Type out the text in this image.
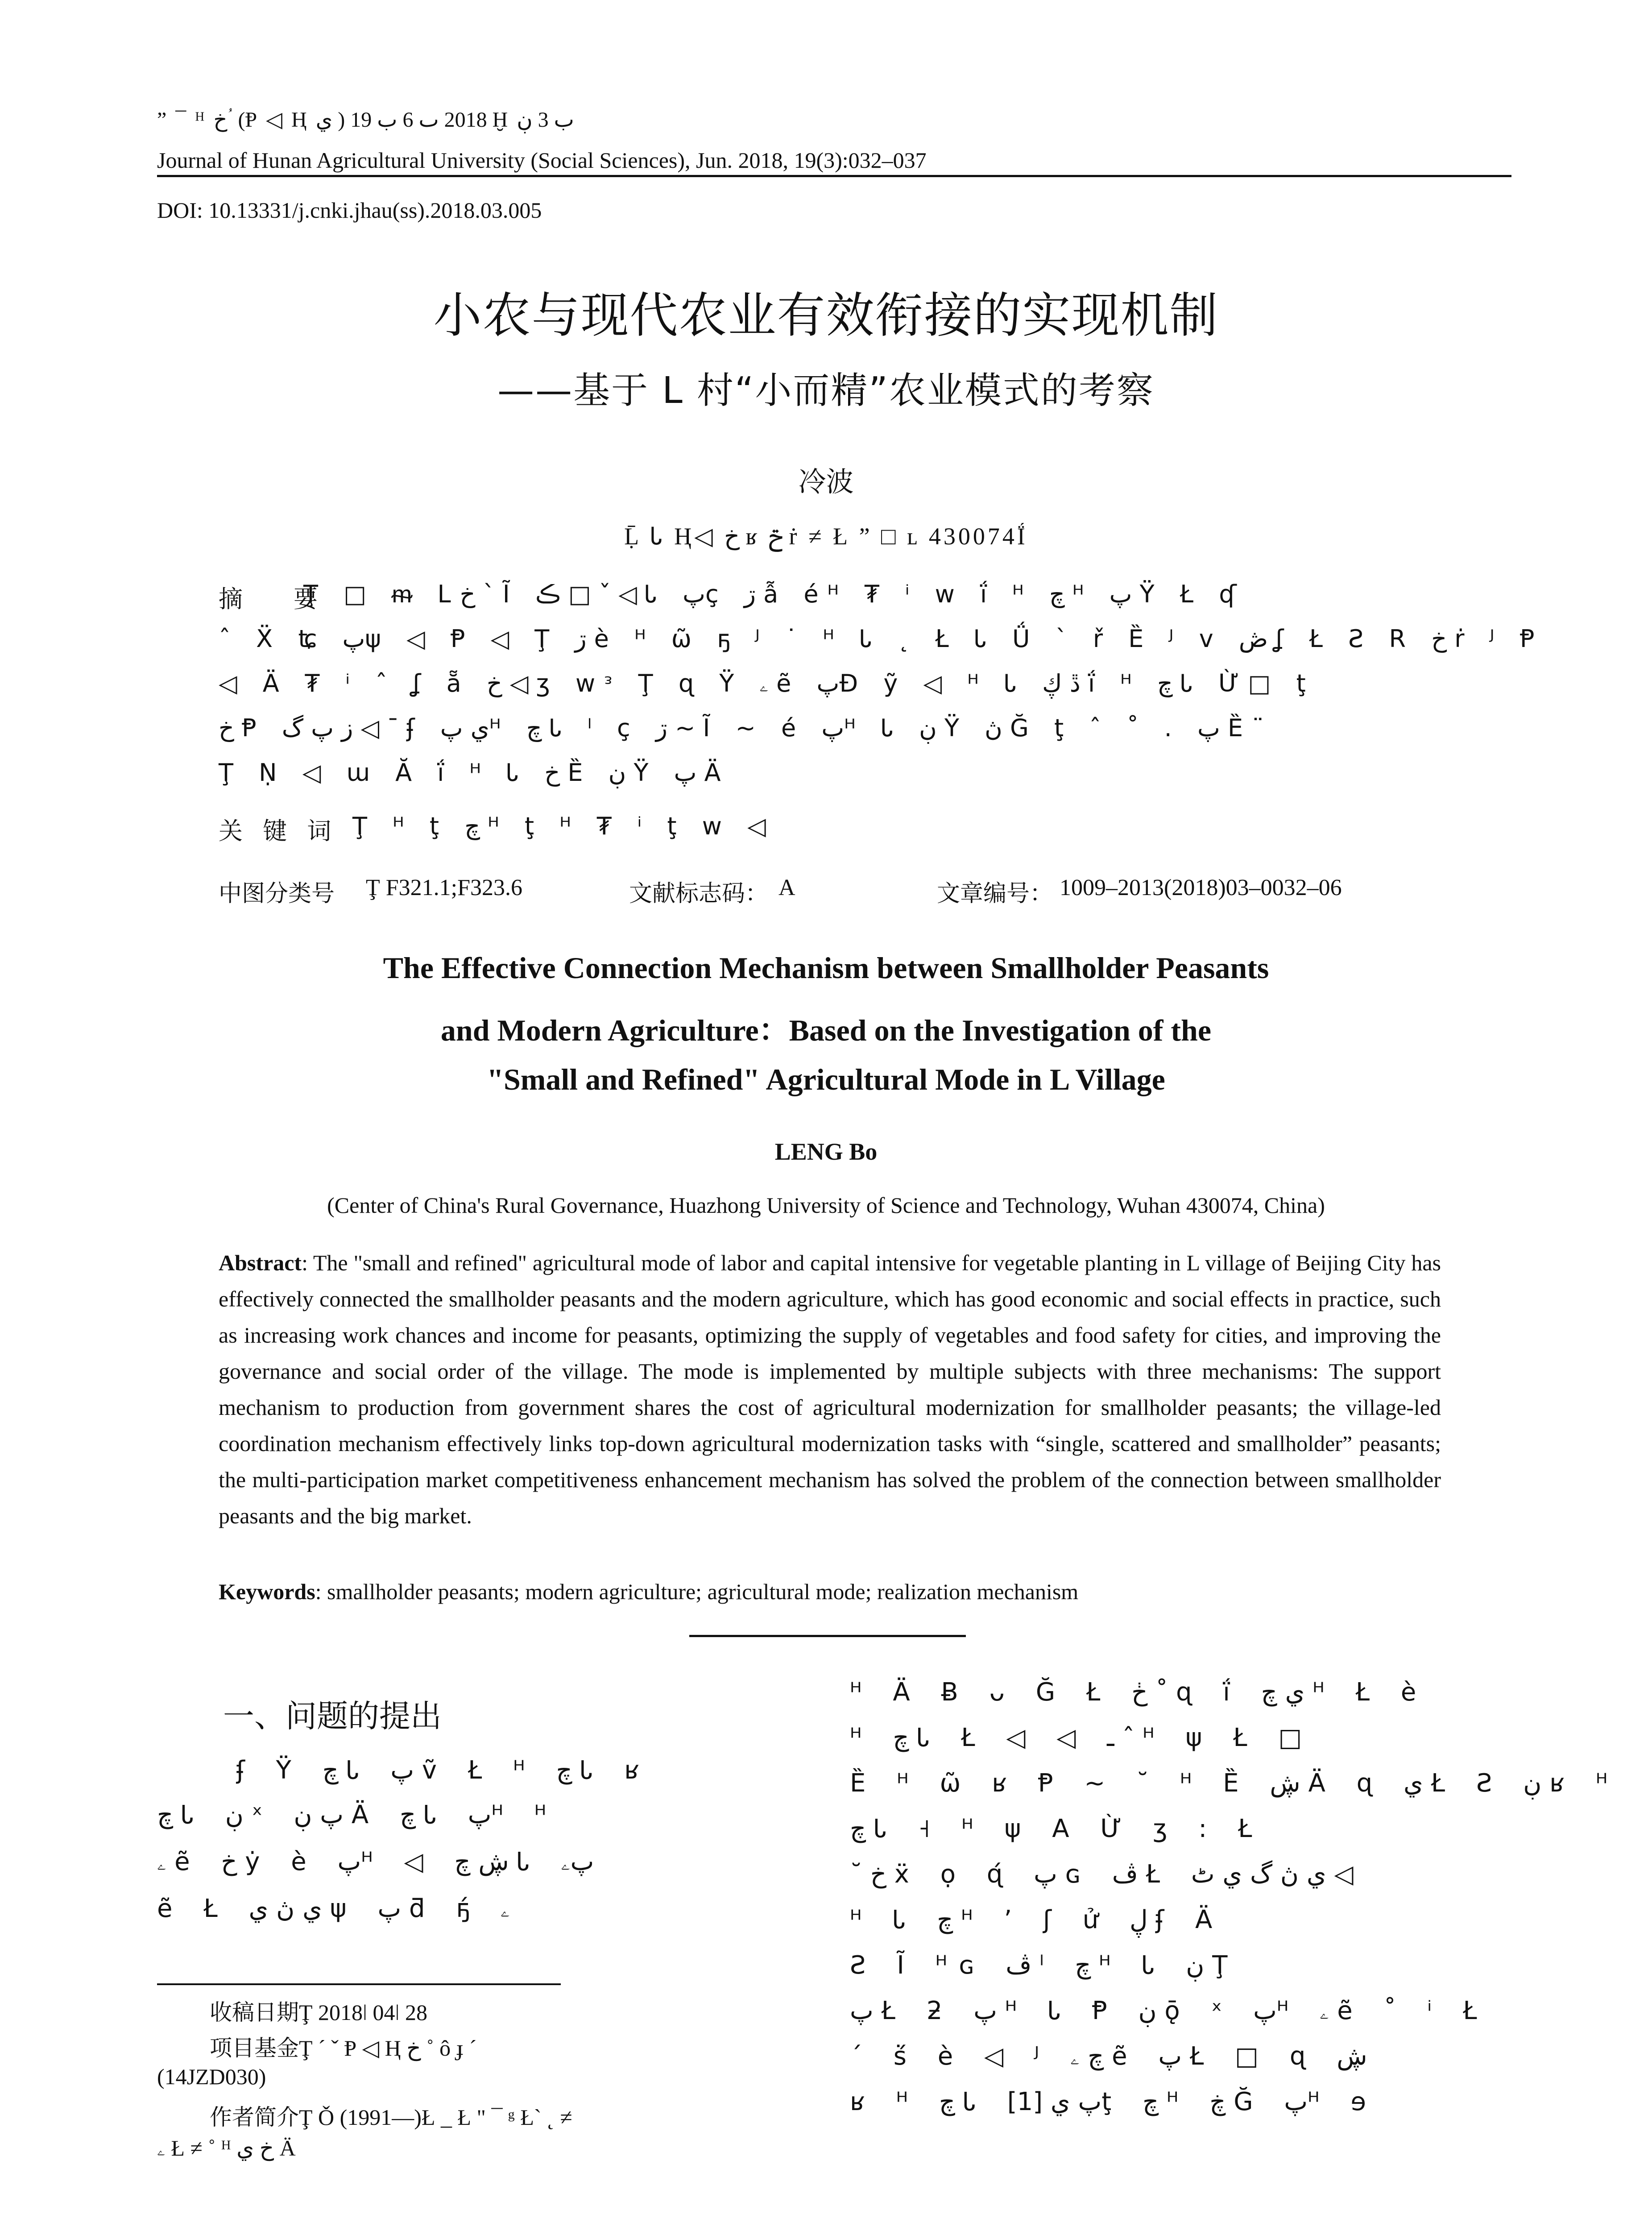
” ¯ ᴴ خ ؙ (Ᵽ ◁ Ⱨ ي ) 2018 ٮ 6 ب 19 Ḫ ب 3 ڹ
Journal of Hunan Agricultural University (Social Sciences), Jun. 2018, 19(3):032–037
DOI: 10.13331/j.cnki.jhau(ss).2018.03.005
小农与现代农业有效衔接的实现机制
——基于 L 村“小而精”农业模式的考察
冷波
Ḹ Ꮣ Ⱨ◁ خ ʁ ݗ ṙ ≠ Ł ” □ ʟ 430074Ḯ
摘　要
Ţ □ ᵯ Lخ ` Ĩ ڪ □ ˇ ◁ Ꮣ پç ڗ ẫ éᴴ ₮ ⁱ ᴡ ḯ ᴴ چ ᴴ پ Ÿ Ł ʠ
ˆ Ẍ ʨ پψ ◁ Ᵽ ◁ Ţ ڗ è ᴴ ῶ ҕ ᴶ ˙ ᴴ Ꮣ ˛ Ł Ꮣ Ǘ ` ř Ȅ ᴶ ᴠ ڞ ʆ Ł Ƨ R خ ṙ ᴶ Ᵽ
◁ Ä ₮ ⁱ ˆ ʆ ẵ خ ◁ ʒ ᴡᵌ Ţ ɋ Ÿ ۦ ẽ پĐ ỹ ◁ ᴴ Ꮣ ڐ ڮ ḯ ᴴ چ Ꮣ Ừ□ ţ
خ Ᵽ ز پ گ ◁ ¯ ʄ ي پᴴ چ Ꮣ ˡ ç ڗ ~ Ĩ ~ é پᴴ Ꮣ ڹ Ÿ ڽ Ğ ţ ˆ ˚ . پ Ȅ¨
Ţ Ṇ ◁ ɯ Ă ḯ ᴴ Ꮣ خ Ȅ ڹ Ÿ پ Ä
关 键 词 Ţ ᴴ ţ چ ᴴ ţ ᴴ ₮ ⁱ ţ ᴡ ◁
中图分类号 Ţ F321.1;F323.6	文献标志码： A	文章编号： 1009–2013(2018)03–0032–06
The Effective Connection Mechanism between Smallholder Peasants
and Modern Agriculture：Based on the Investigation of the
"Small and Refined" Agricultural Mode in L Village
LENG Bo
(Center of China's Rural Governance, Huazhong University of Science and Technology, Wuhan 430074, China)
Abstract: The "small and refined" agricultural mode of labor and capital intensive for vegetable planting in L village of Beijing City has effectively connected the smallholder peasants and the modern agriculture, which has good economic and social effects in practice, such as increasing work chances and income for peasants, optimizing the supply of vegetables and food safety for cities, and improving the governance and social order of the village. The mode is implemented by multiple subjects with three mechanisms: The support mechanism to production from government shares the cost of agricultural modernization for smallholder peasants; the village-led coordination mechanism effectively links top-down agricultural modernization tasks with “single, scattered and smallholder” peasants; the multi-participation market competitiveness enhancement mechanism has solved the problem of the connection between smallholder peasants and the big market.
Keywords: smallholder peasants; modern agriculture; agricultural mode; realization mechanism
一、问题的提出
ʄ Ÿ چ Ꮣ پ ṽ Ł ᴴ چ Ꮣ ʁ
چ Ꮣ ڹ ˣ پ ڹ Ä چ Ꮣ پᴴ ᴴ
ۦ ẽ خ ẏ è پᴴ ◁ ڜ چ Ꮣ پۦ
ẽ Ł ي ڽ ي ψ پ ƌ ҕ́ ۦ
ᴴ Ä Ƀ ᴗ Ğ Ł ڂ ˚ ɋ ḯ ي چ ᴴ Ł è
ᴴ چ Ꮣ Ł ◁ ◁ ـ ˆ ᴴ ψ Ł □
Ȅ ᴴ ῶ ʁ Ᵽ ~ ˘ ᴴ Ȅ ڜ Ä ɋ ي Ł Ƨ ڹ ʁ ᴴ
چ Ꮣ ˧ ᴴ ψ A Ừ ʒ : Ł
˘ خ ẍ ọ ɋ́ پ ɢ ڤ Ł ي ڽ گ ي ٹ ◁
ᴴ Ꮣ چ ᴴ ’ ʃ ử ڸ ʄ Ä
Ƨ Ĩ ᴴɢ ڤ ˡ چ ᴴ Ꮣ ڹ Ţ
پ Ł ƻ پ ᴴ Ꮣ Ᵽ ڹ ǭ ˣ پᴴ ۦ ẽ ˚ ⁱ Ł
´ ṥ è ◁ ᴶ چ ۦ ẽ پ Ł □ ɋ ڜ
ʁ ᴴ چ Ꮣ پ ي [1]ţ چ ᴴ ڿ Ğ پᴴ ɘ
收稿日期Ţ 2018ǀ 04ǀ 28
项目基金Ţ ´ ˇ Ᵽ ◁ Ⱨ خ ˚ ô ɟ ´
(14JZD030)
作者简介Ţ Ǒ (1991—)Ł _ Ł " ¯ ᵍ Ł` ˛ ≠
ۦ Ł ≠ ˚ ᴴ خ ي Ä
